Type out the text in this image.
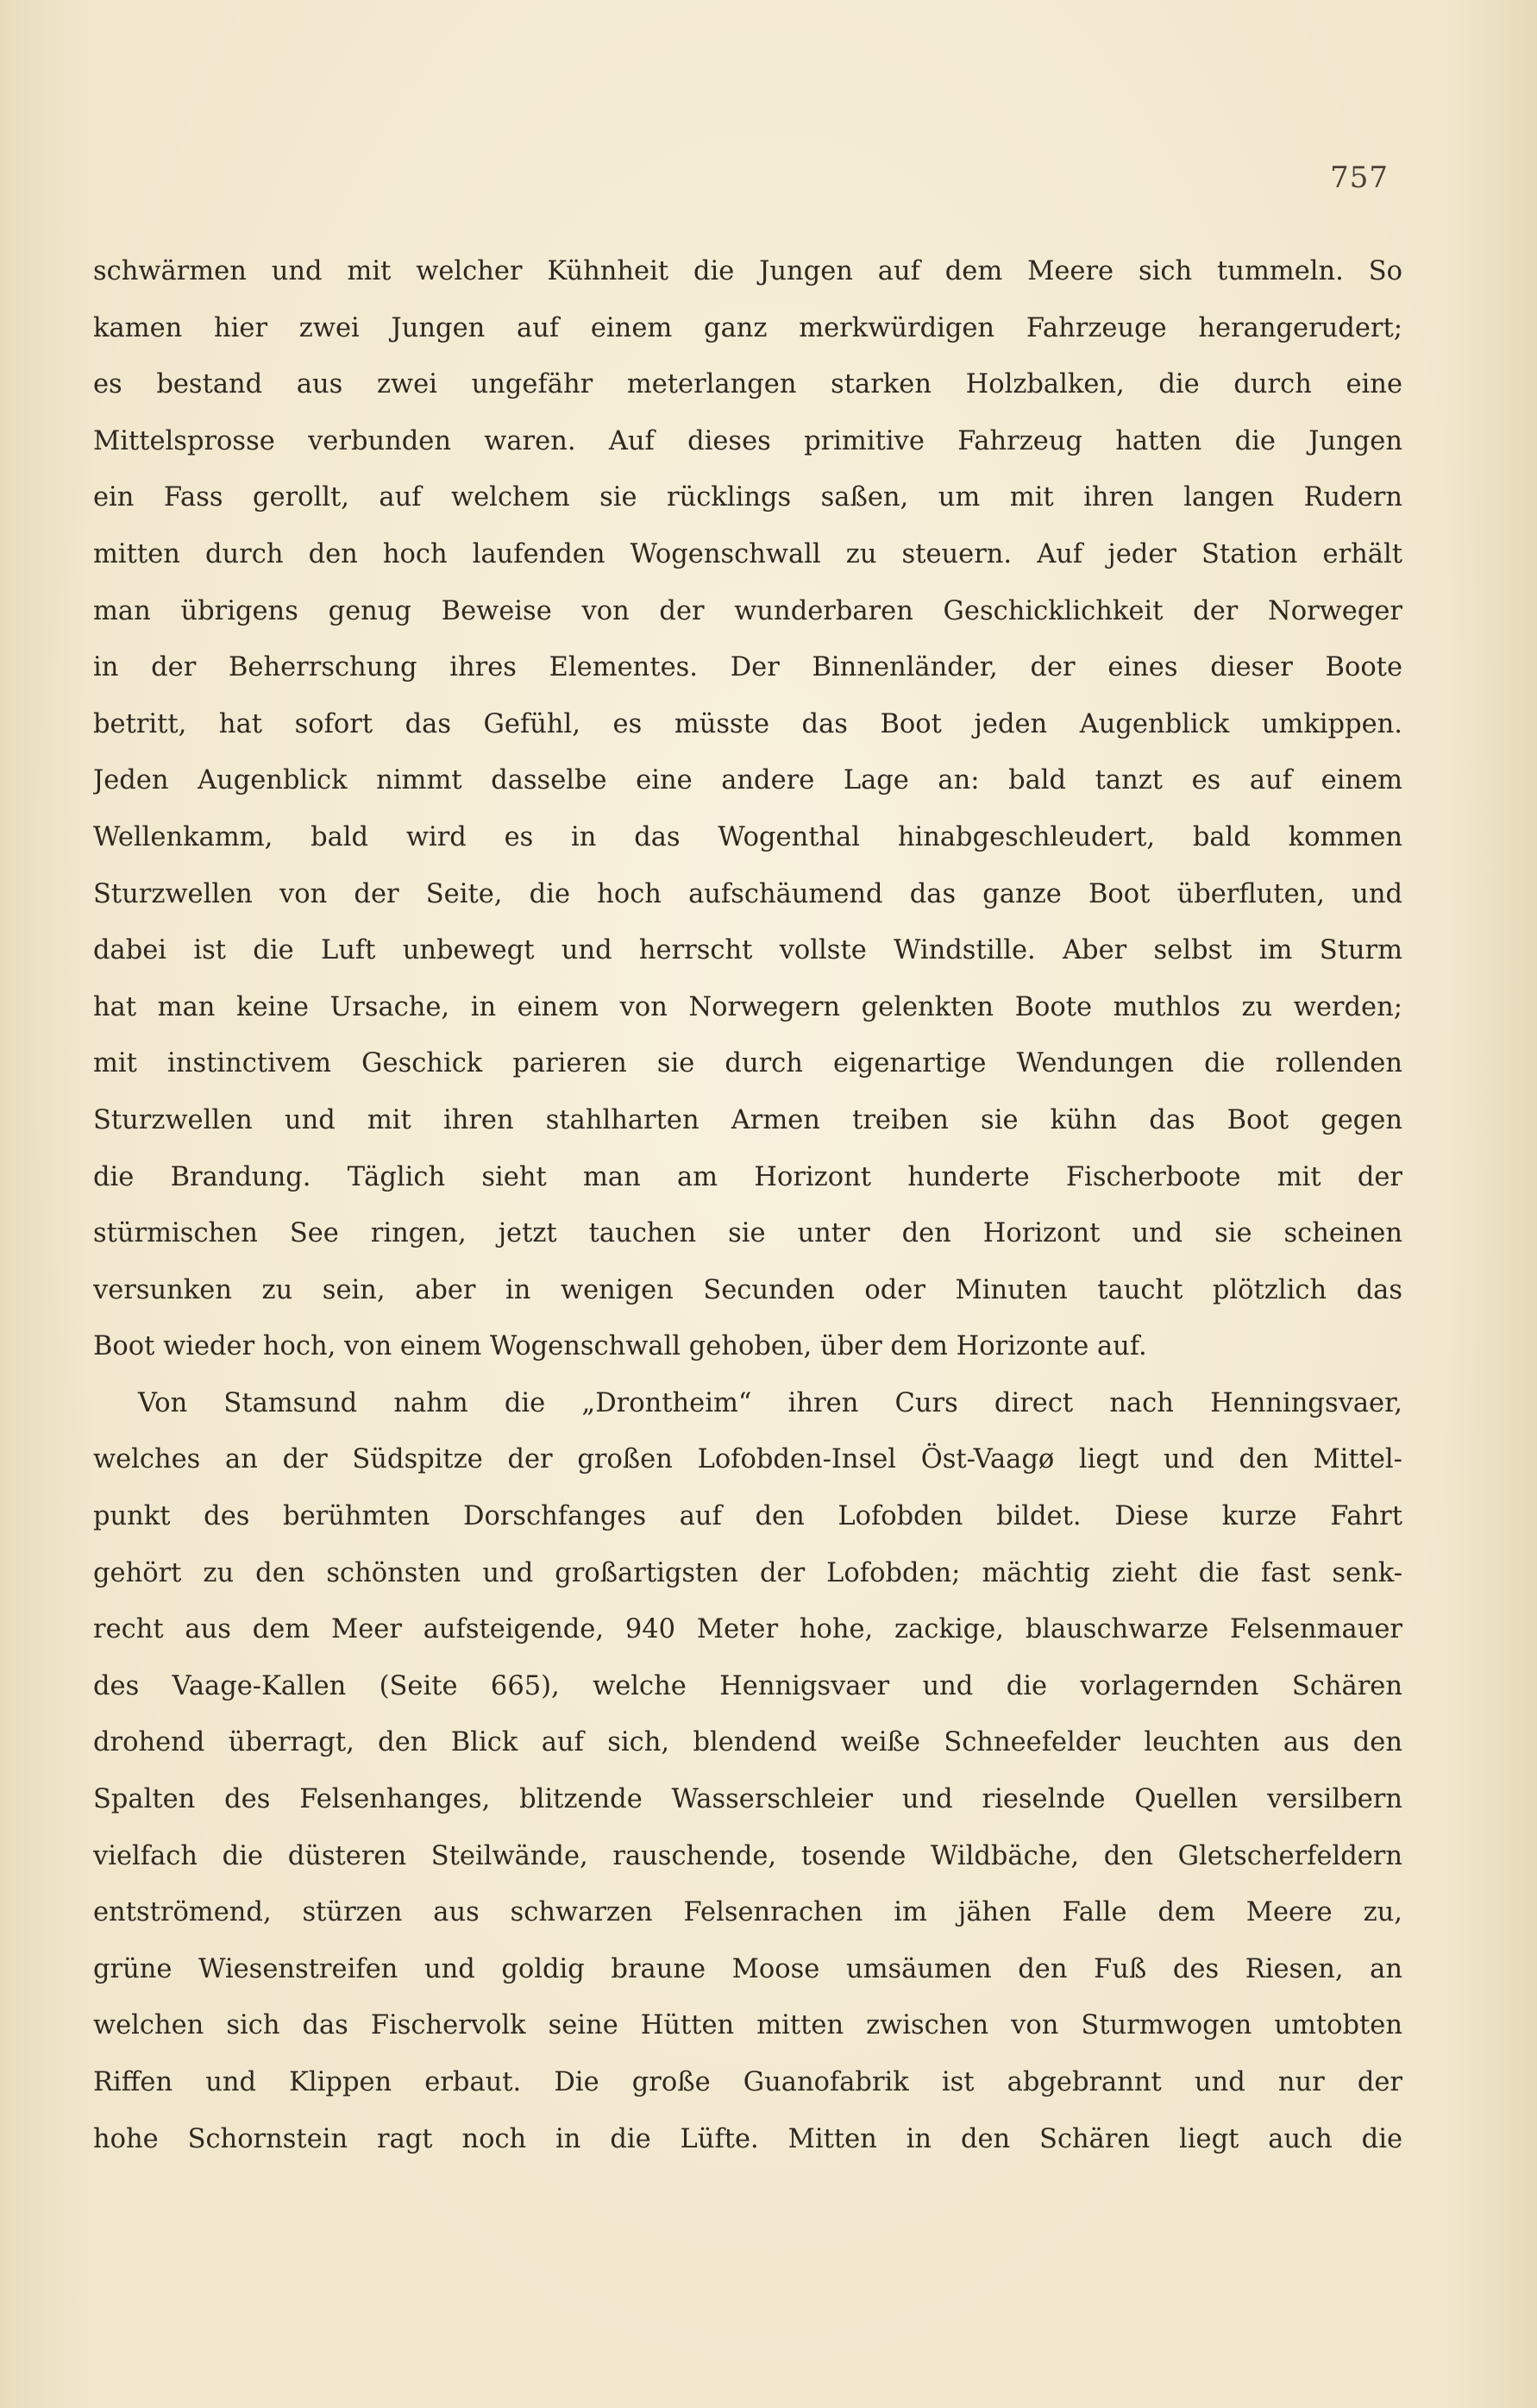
757
schwärmen und mit welcher Kühnheit die Jungen auf dem Meere sich tummeln. So
kamen hier zwei Jungen auf einem ganz merkwürdigen Fahrzeuge herangerudert;
es bestand aus zwei ungefähr meterlangen starken Holzbalken, die durch eine
Mittelsprosse verbunden waren. Auf dieses primitive Fahrzeug hatten die Jungen
ein Fass gerollt, auf welchem sie rücklings saßen, um mit ihren langen Rudern
mitten durch den hoch laufenden Wogenschwall zu steuern. Auf jeder Station erhält
man übrigens genug Beweise von der wunderbaren Geschicklichkeit der Norweger
in der Beherrschung ihres Elementes. Der Binnenländer, der eines dieser Boote
betritt, hat sofort das Gefühl, es müsste das Boot jeden Augenblick umkippen.
Jeden Augenblick nimmt dasselbe eine andere Lage an: bald tanzt es auf einem
Wellenkamm, bald wird es in das Wogenthal hinabgeschleudert, bald kommen
Sturzwellen von der Seite, die hoch aufschäumend das ganze Boot überfluten, und
dabei ist die Luft unbewegt und herrscht vollste Windstille. Aber selbst im Sturm
hat man keine Ursache, in einem von Norwegern gelenkten Boote muthlos zu werden;
mit instinctivem Geschick parieren sie durch eigenartige Wendungen die rollenden
Sturzwellen und mit ihren stahlharten Armen treiben sie kühn das Boot gegen
die Brandung. Täglich sieht man am Horizont hunderte Fischerboote mit der
stürmischen See ringen, jetzt tauchen sie unter den Horizont und sie scheinen
versunken zu sein, aber in wenigen Secunden oder Minuten taucht plötzlich das
Boot wieder hoch, von einem Wogenschwall gehoben, über dem Horizonte auf.
Von Stamsund nahm die „Drontheim“ ihren Curs direct nach Henningsvaer,
welches an der Südspitze der großen Lofobden-Insel Öst-Vaagø liegt und den Mittel-
punkt des berühmten Dorschfanges auf den Lofobden bildet. Diese kurze Fahrt
gehört zu den schönsten und großartigsten der Lofobden; mächtig zieht die fast senk-
recht aus dem Meer aufsteigende, 940 Meter hohe, zackige, blauschwarze Felsenmauer
des Vaage-Kallen (Seite 665), welche Hennigsvaer und die vorlagernden Schären
drohend überragt, den Blick auf sich, blendend weiße Schneefelder leuchten aus den
Spalten des Felsenhanges, blitzende Wasserschleier und rieselnde Quellen versilbern
vielfach die düsteren Steilwände, rauschende, tosende Wildbäche, den Gletscherfeldern
entströmend, stürzen aus schwarzen Felsenrachen im jähen Falle dem Meere zu,
grüne Wiesenstreifen und goldig braune Moose umsäumen den Fuß des Riesen, an
welchen sich das Fischervolk seine Hütten mitten zwischen von Sturmwogen umtobten
Riffen und Klippen erbaut. Die große Guanofabrik ist abgebrannt und nur der
hohe Schornstein ragt noch in die Lüfte. Mitten in den Schären liegt auch die
